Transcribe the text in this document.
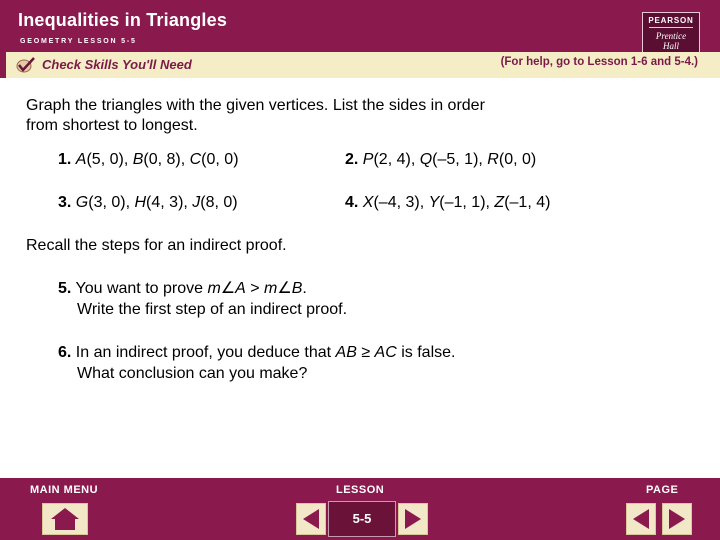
Inequalities in Triangles
GEOMETRY LESSON 5-5
PEARSON
Prentice Hall
Check Skills You'll Need	(For help, go to Lesson 1-6 and 5-4.)
Graph the triangles with the given vertices. List the sides in order from shortest to longest.
1. A(5, 0), B(0, 8), C(0, 0)	2. P(2, 4), Q(–5, 1), R(0, 0)
3. G(3, 0), H(4, 3), J(8, 0)	4. X(–4, 3), Y(–1, 1), Z(–1, 4)
Recall the steps for an indirect proof.
5. You want to prove m∠A > m∠B.
Write the first step of an indirect proof.
6. In an indirect proof, you deduce that AB ≥ AC is false.
What conclusion can you make?
MAIN MENU	LESSON	PAGE
5-5
